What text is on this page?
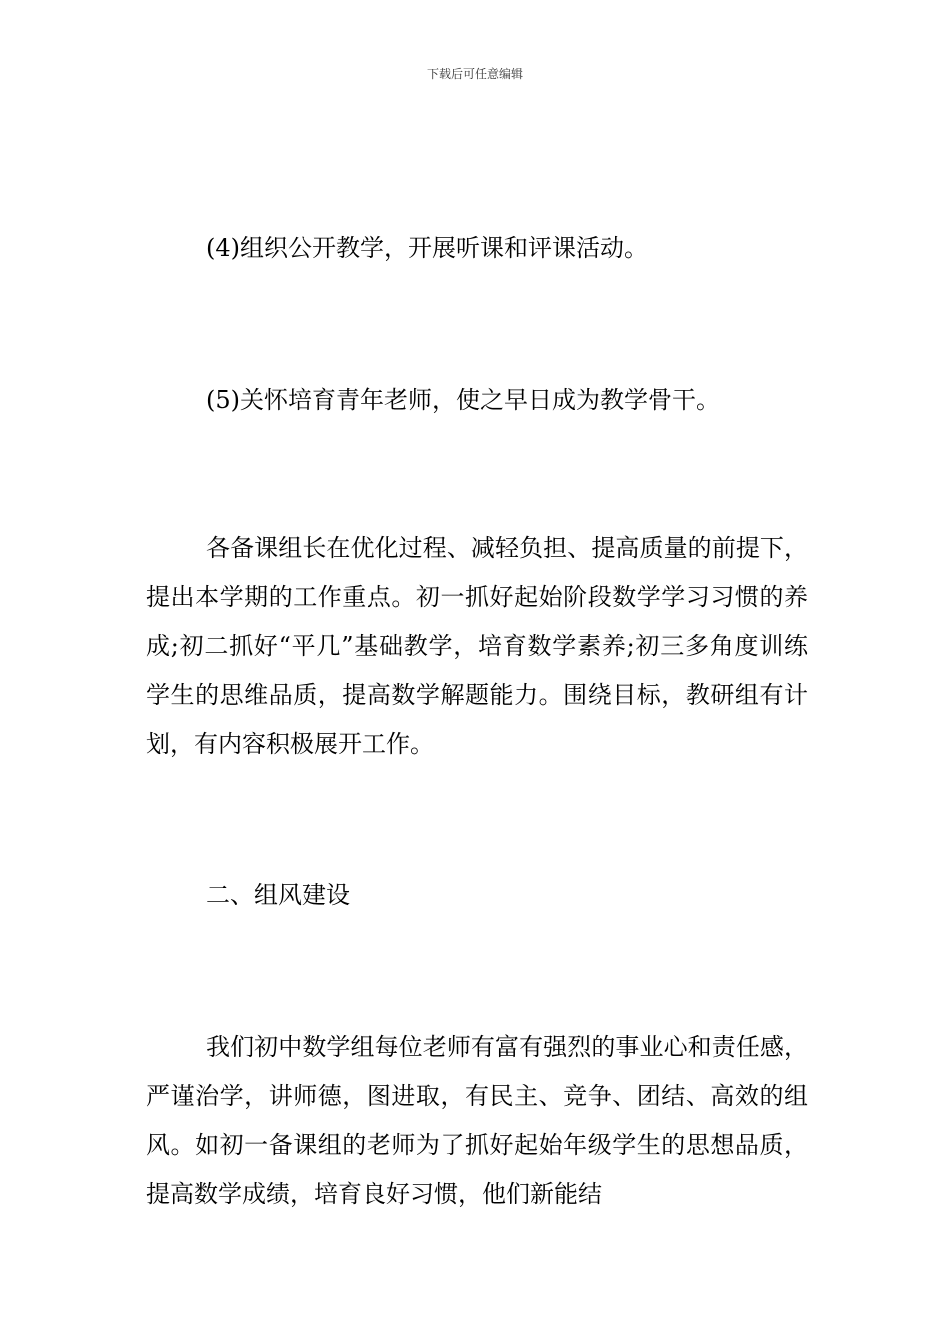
下载后可任意编辑

(4)组织公开教学，开展听课和评课活动。

(5)关怀培育青年老师，使之早日成为教学骨干。

各备课组长在优化过程、减轻负担、提高质量的前提下，提出本学期的工作重点。初一抓好起始阶段数学学习习惯的养成;初二抓好“平几”基础教学，培育数学素养;初三多角度训练学生的思维品质，提高数学解题能力。围绕目标，教研组有计划，有内容积极展开工作。

二、组风建设

我们初中数学组每位老师有富有强烈的事业心和责任感，严谨治学，讲师德，图进取，有民主、竞争、团结、高效的组风。如初一备课组的老师为了抓好起始年级学生的思想品质，提高数学成绩，培育良好习惯，他们新能结
